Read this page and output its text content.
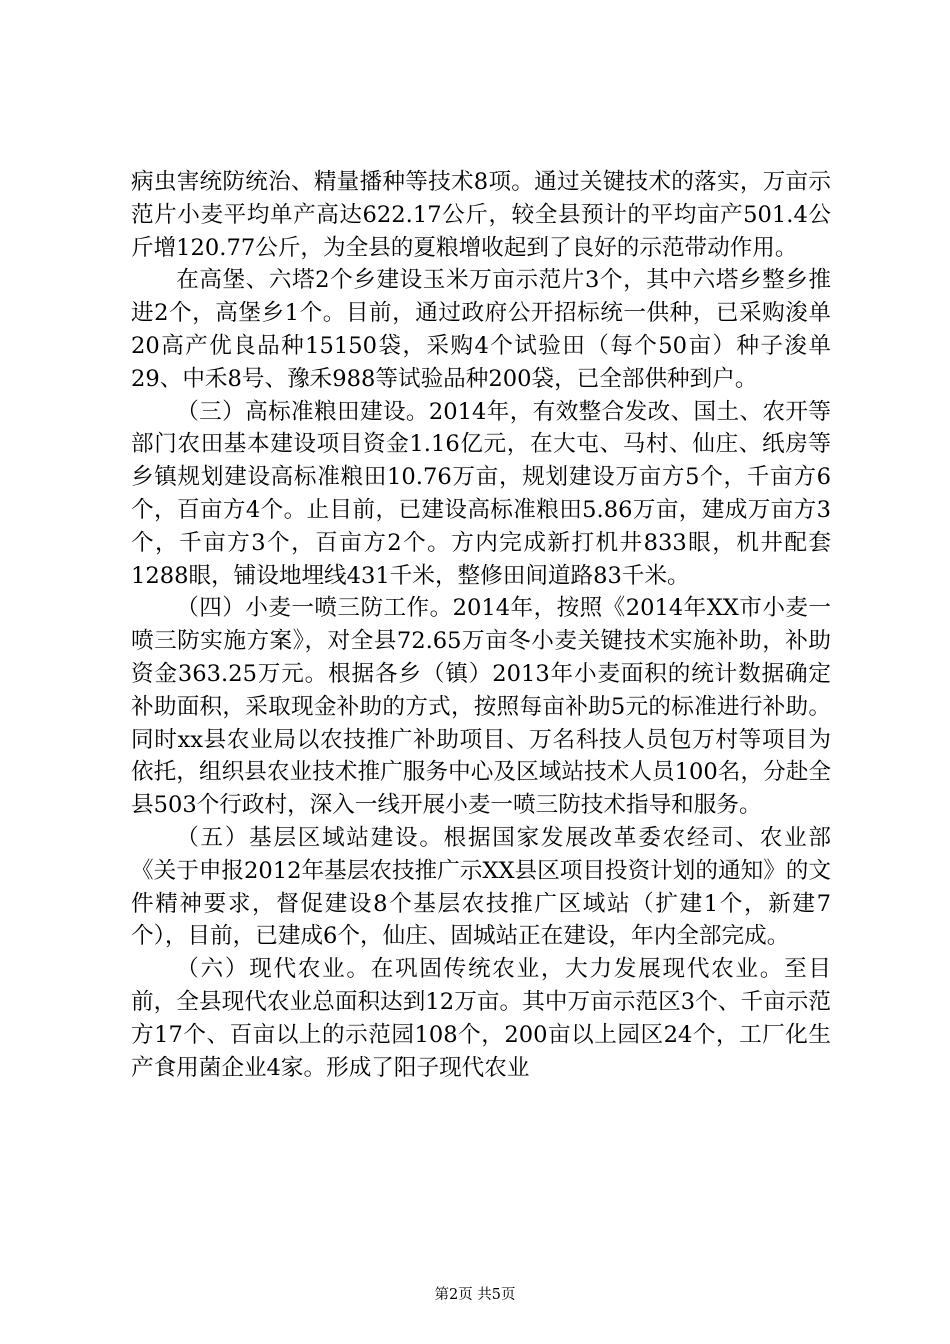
病虫害统防统治、精量播种等技术8项。通过关键技术的落实，万亩示范片小麦平均单产高达622.17公斤，较全县预计的平均亩产501.4公斤增120.77公斤，为全县的夏粮增收起到了良好的示范带动作用。

在高堡、六塔2个乡建设玉米万亩示范片3个，其中六塔乡整乡推进2个，高堡乡1个。目前，通过政府公开招标统一供种，已采购浚单20高产优良品种15150袋，采购4个试验田（每个50亩）种子浚单29、中禾8号、豫禾988等试验品种200袋，已全部供种到户。

（三）高标准粮田建设。2014年，有效整合发改、国土、农开等部门农田基本建设项目资金1.16亿元，在大屯、马村、仙庄、纸房等乡镇规划建设高标准粮田10.76万亩，规划建设万亩方5个，千亩方6个，百亩方4个。止目前，已建设高标准粮田5.86万亩，建成万亩方3个，千亩方3个，百亩方2个。方内完成新打机井833眼，机井配套1288眼，铺设地埋线431千米，整修田间道路83千米。

（四）小麦一喷三防工作。2014年，按照《2014年XX市小麦一喷三防实施方案》，对全县72.65万亩冬小麦关键技术实施补助，补助资金363.25万元。根据各乡（镇）2013年小麦面积的统计数据确定补助面积，采取现金补助的方式，按照每亩补助5元的标准进行补助。同时xx县农业局以农技推广补助项目、万名科技人员包万村等项目为依托，组织县农业技术推广服务中心及区域站技术人员100名，分赴全县503个行政村，深入一线开展小麦一喷三防技术指导和服务。

（五）基层区域站建设。根据国家发展改革委农经司、农业部《关于申报2012年基层农技推广示XX县区项目投资计划的通知》的文件精神要求，督促建设8个基层农技推广区域站（扩建1个，新建7个），目前，已建成6个，仙庄、固城站正在建设，年内全部完成。

（六）现代农业。在巩固传统农业，大力发展现代农业。至目前，全县现代农业总面积达到12万亩。其中万亩示范区3个、千亩示范方17个、百亩以上的示范园108个，200亩以上园区24个，工厂化生产食用菌企业4家。形成了阳子现代农业

第2页 共5页
